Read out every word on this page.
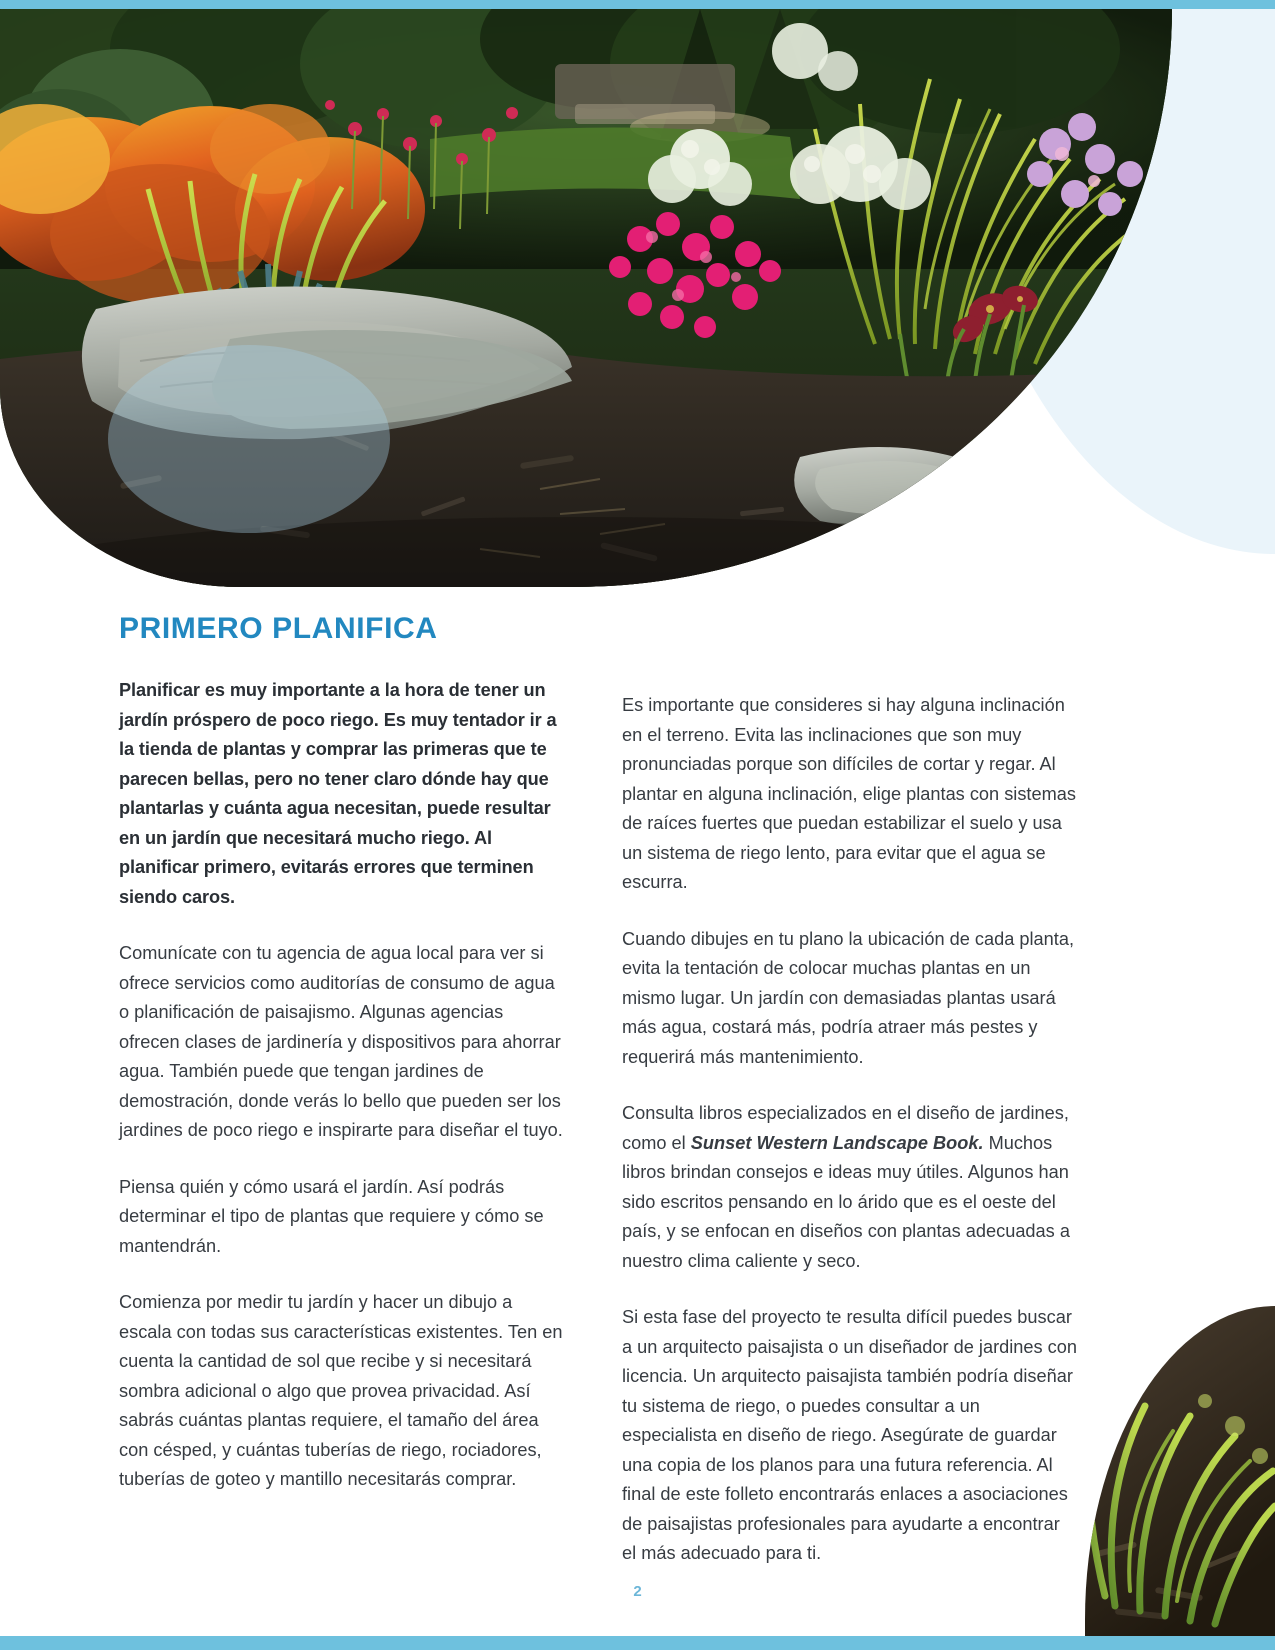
PRIMERO PLANIFICA

Planificar es muy importante a la hora de tener un jardín próspero de poco riego. Es muy tentador ir a la tienda de plantas y comprar las primeras que te parecen bellas, pero no tener claro dónde hay que plantarlas y cuánta agua necesitan, puede resultar en un jardín que necesitará mucho riego. Al planificar primero, evitarás errores que terminen siendo caros.

Comunícate con tu agencia de agua local para ver si ofrece servicios como auditorías de consumo de agua o planificación de paisajismo. Algunas agencias ofrecen clases de jardinería y dispositivos para ahorrar agua. También puede que tengan jardines de demostración, donde verás lo bello que pueden ser los jardines de poco riego e inspirarte para diseñar el tuyo.

Piensa quién y cómo usará el jardín. Así podrás determinar el tipo de plantas que requiere y cómo se mantendrán.

Comienza por medir tu jardín y hacer un dibujo a escala con todas sus características existentes. Ten en cuenta la cantidad de sol que recibe y si necesitará sombra adicional o algo que provea privacidad. Así sabrás cuántas plantas requiere, el tamaño del área con césped, y cuántas tuberías de riego, rociadores, tuberías de goteo y mantillo necesitarás comprar.

Es importante que consideres si hay alguna inclinación en el terreno. Evita las inclinaciones que son muy pronunciadas porque son difíciles de cortar y regar. Al plantar en alguna inclinación, elige plantas con sistemas de raíces fuertes que puedan estabilizar el suelo y usa un sistema de riego lento, para evitar que el agua se escurra.

Cuando dibujes en tu plano la ubicación de cada planta, evita la tentación de colocar muchas plantas en un mismo lugar. Un jardín con demasiadas plantas usará más agua, costará más, podría atraer más pestes y requerirá más mantenimiento.

Consulta libros especializados en el diseño de jardines, como el Sunset Western Landscape Book. Muchos libros brindan consejos e ideas muy útiles. Algunos han sido escritos pensando en lo árido que es el oeste del país, y se enfocan en diseños con plantas adecuadas a nuestro clima caliente y seco.

Si esta fase del proyecto te resulta difícil puedes buscar a un arquitecto paisajista o un diseñador de jardines con licencia. Un arquitecto paisajista también podría diseñar tu sistema de riego, o puedes consultar a un especialista en diseño de riego. Asegúrate de guardar una copia de los planos para una futura referencia. Al final de este folleto encontrarás enlaces a asociaciones de paisajistas profesionales para ayudarte a encontrar el más adecuado para ti.

2
